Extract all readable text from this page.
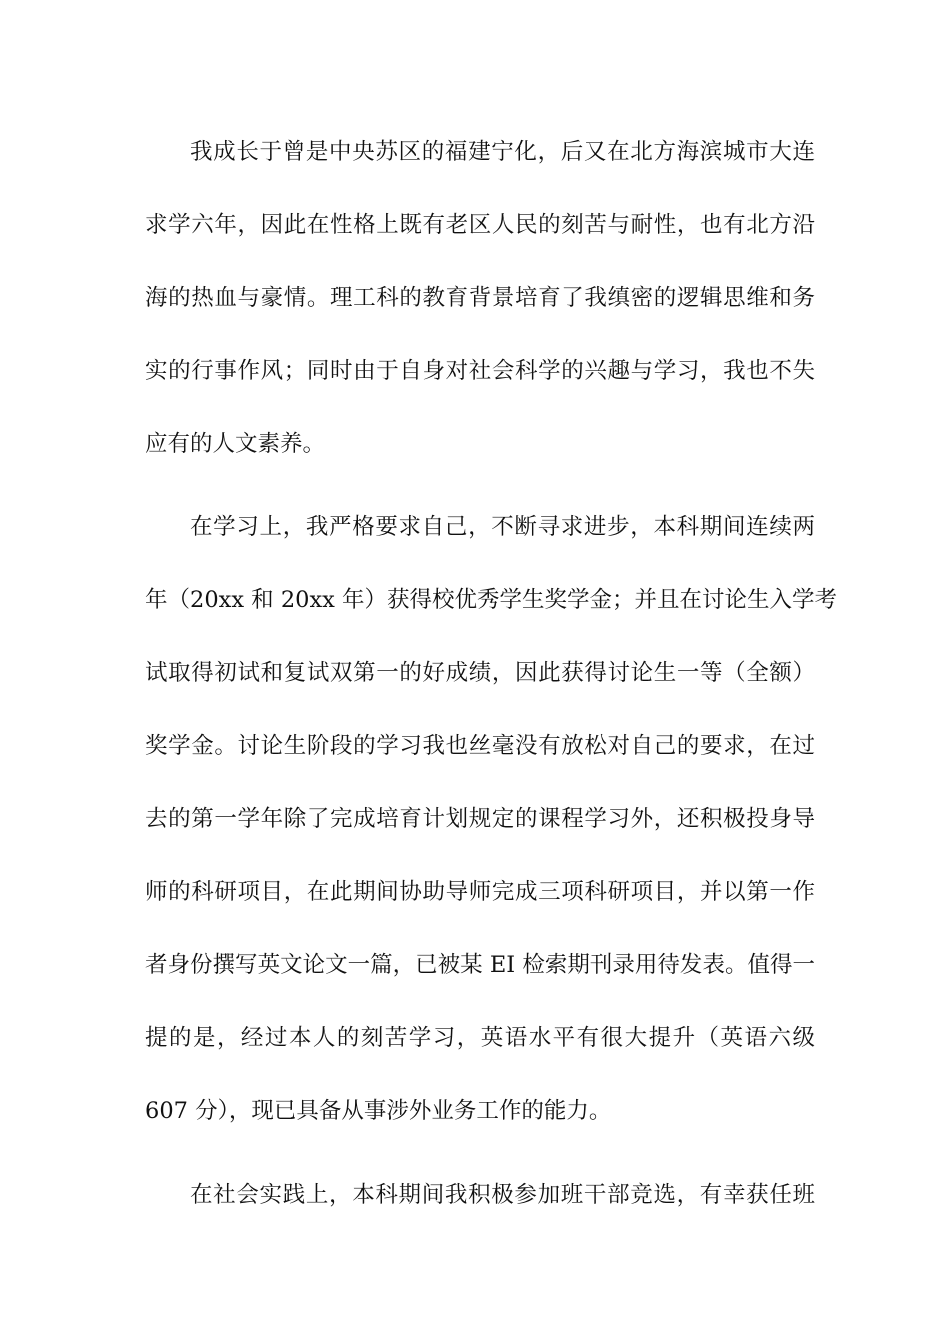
我成长于曾是中央苏区的福建宁化，后又在北方海滨城市大连
求学六年，因此在性格上既有老区人民的刻苦与耐性，也有北方沿
海的热血与豪情。理工科的教育背景培育了我缜密的逻辑思维和务
实的行事作风；同时由于自身对社会科学的兴趣与学习，我也不失
应有的人文素养。
在学习上，我严格要求自己，不断寻求进步，本科期间连续两
年（20xx 和 20xx 年）获得校优秀学生奖学金；并且在讨论生入学考
试取得初试和复试双第一的好成绩，因此获得讨论生一等（全额）
奖学金。讨论生阶段的学习我也丝毫没有放松对自己的要求，在过
去的第一学年除了完成培育计划规定的课程学习外，还积极投身导
师的科研项目，在此期间协助导师完成三项科研项目，并以第一作
者身份撰写英文论文一篇，已被某 EI 检索期刊录用待发表。值得一
提的是，经过本人的刻苦学习，英语水平有很大提升（英语六级
607 分），现已具备从事涉外业务工作的能力。
在社会实践上，本科期间我积极参加班干部竞选，有幸获任班
